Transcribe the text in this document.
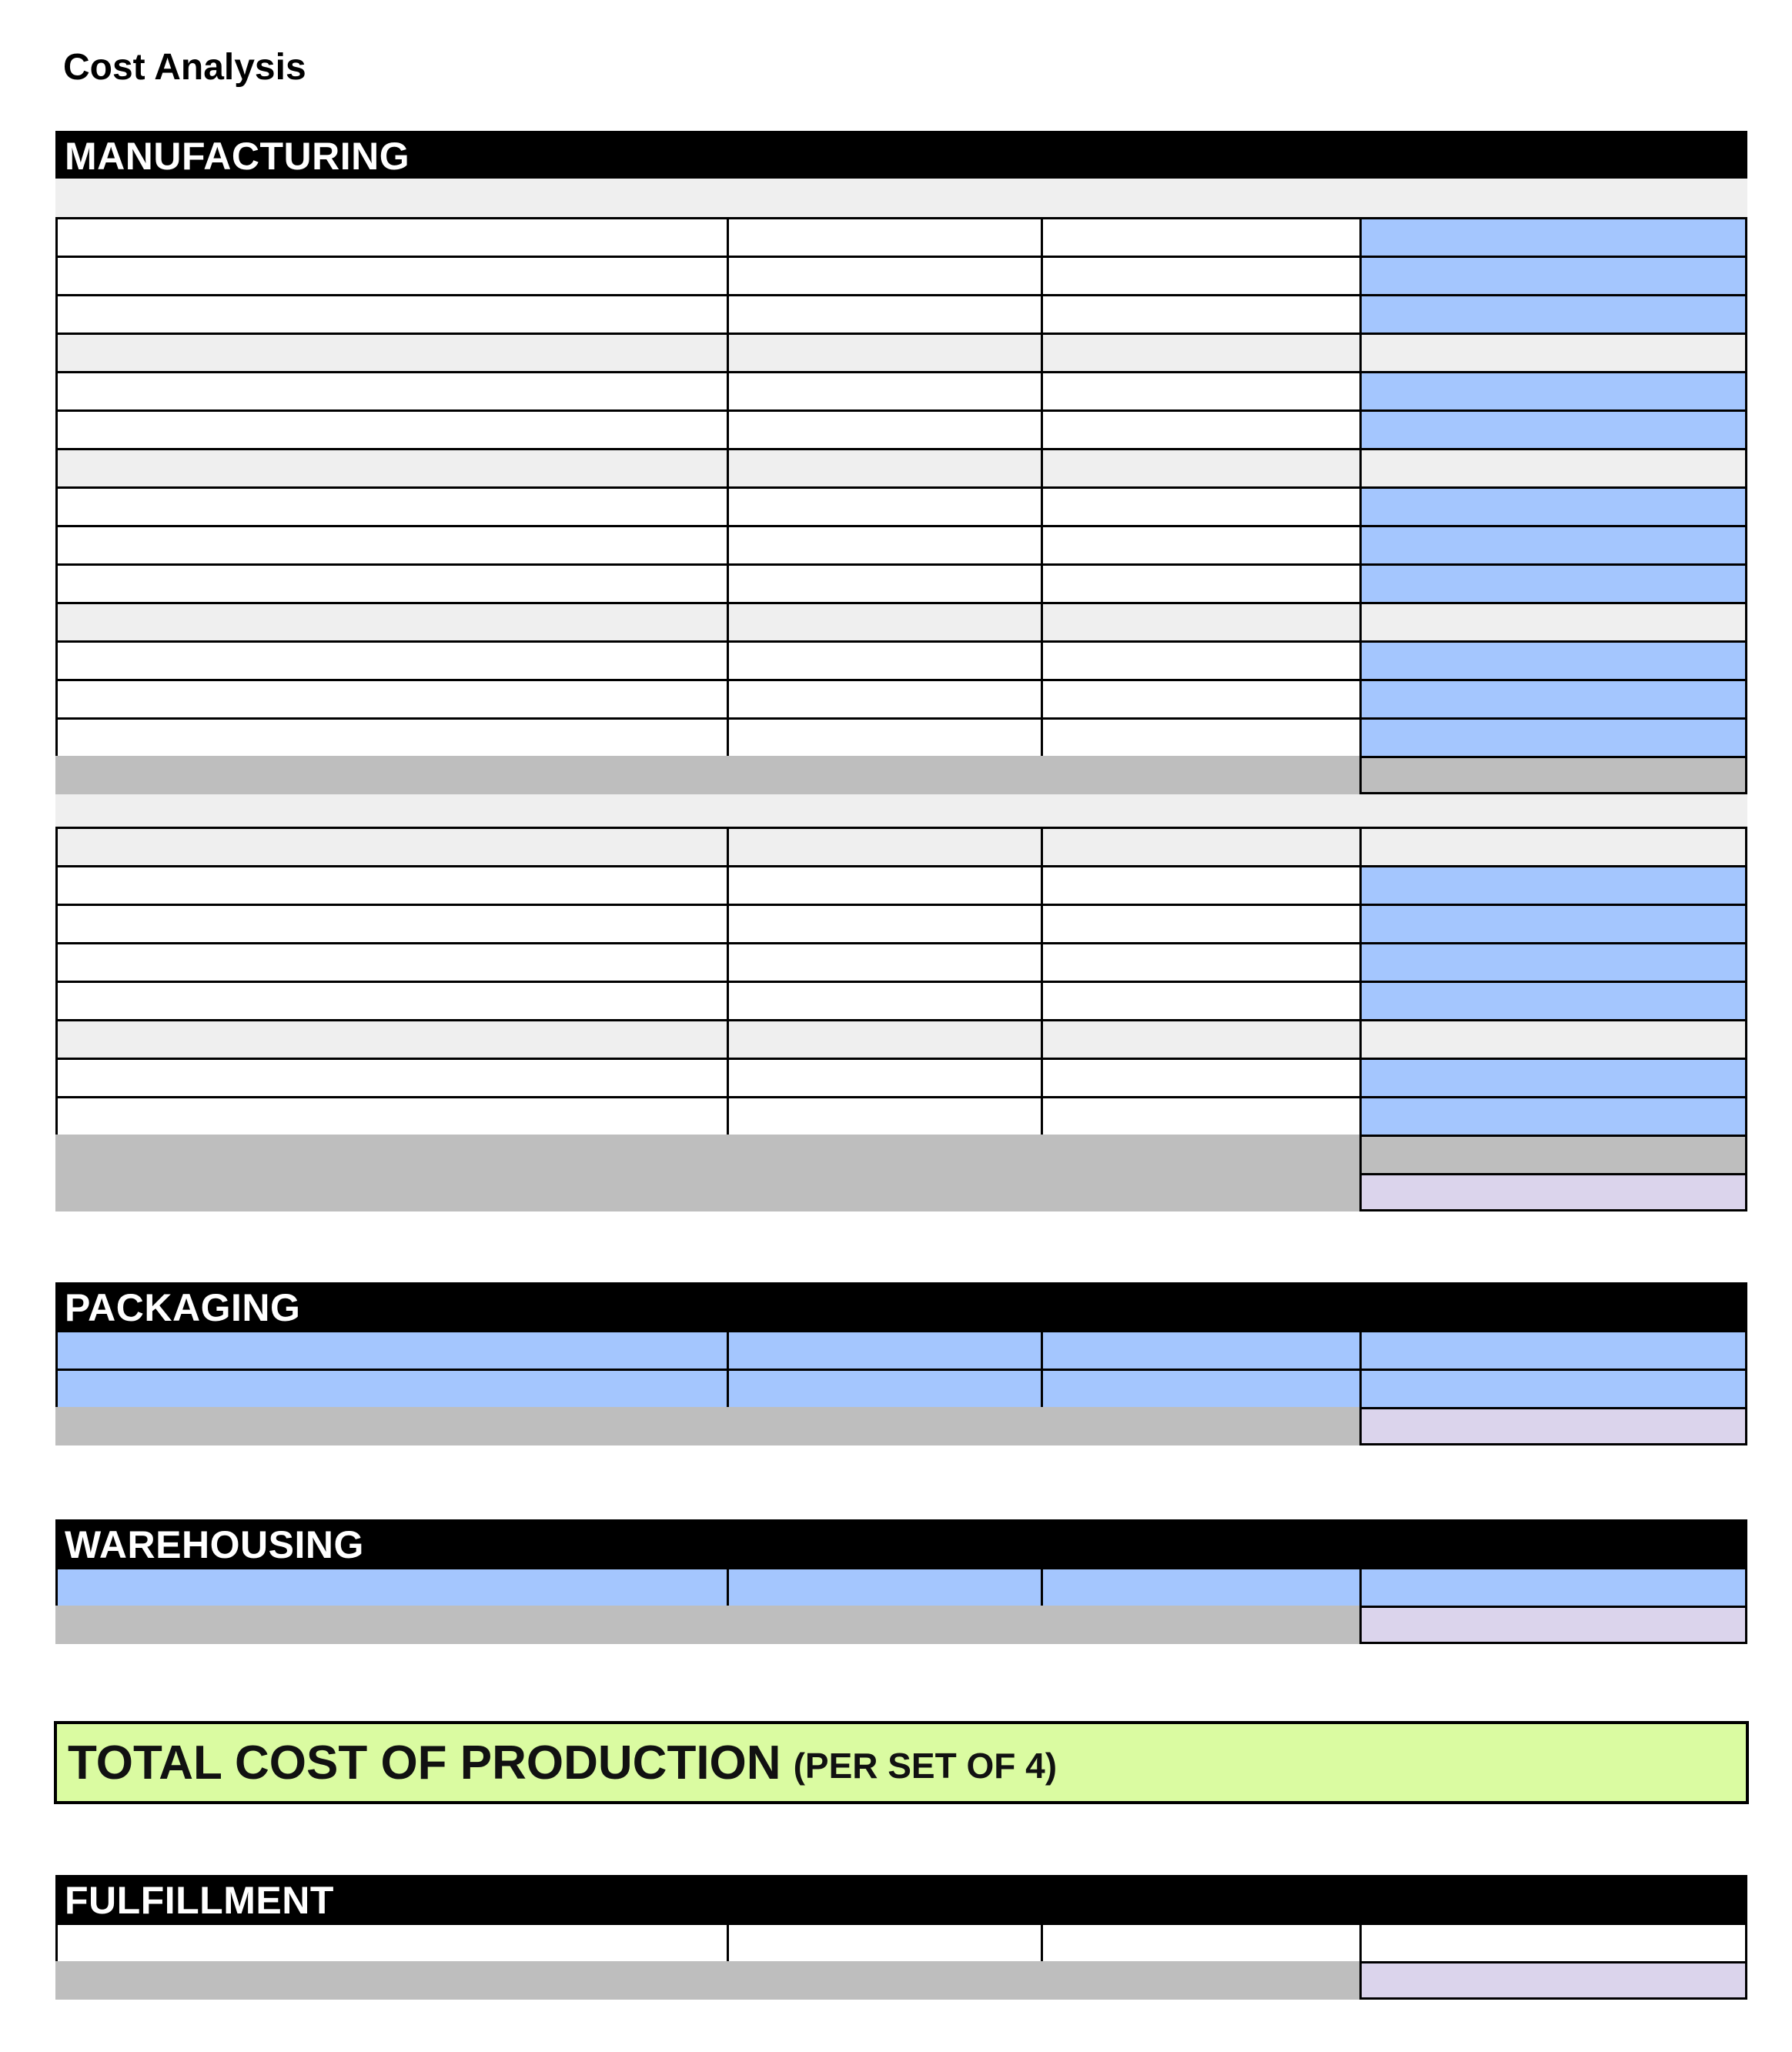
Cost Analysis
MANUFACTURING
PACKAGING
WAREHOUSING
TOTAL COST OF PRODUCTION (PER SET OF 4)
FULFILLMENT
